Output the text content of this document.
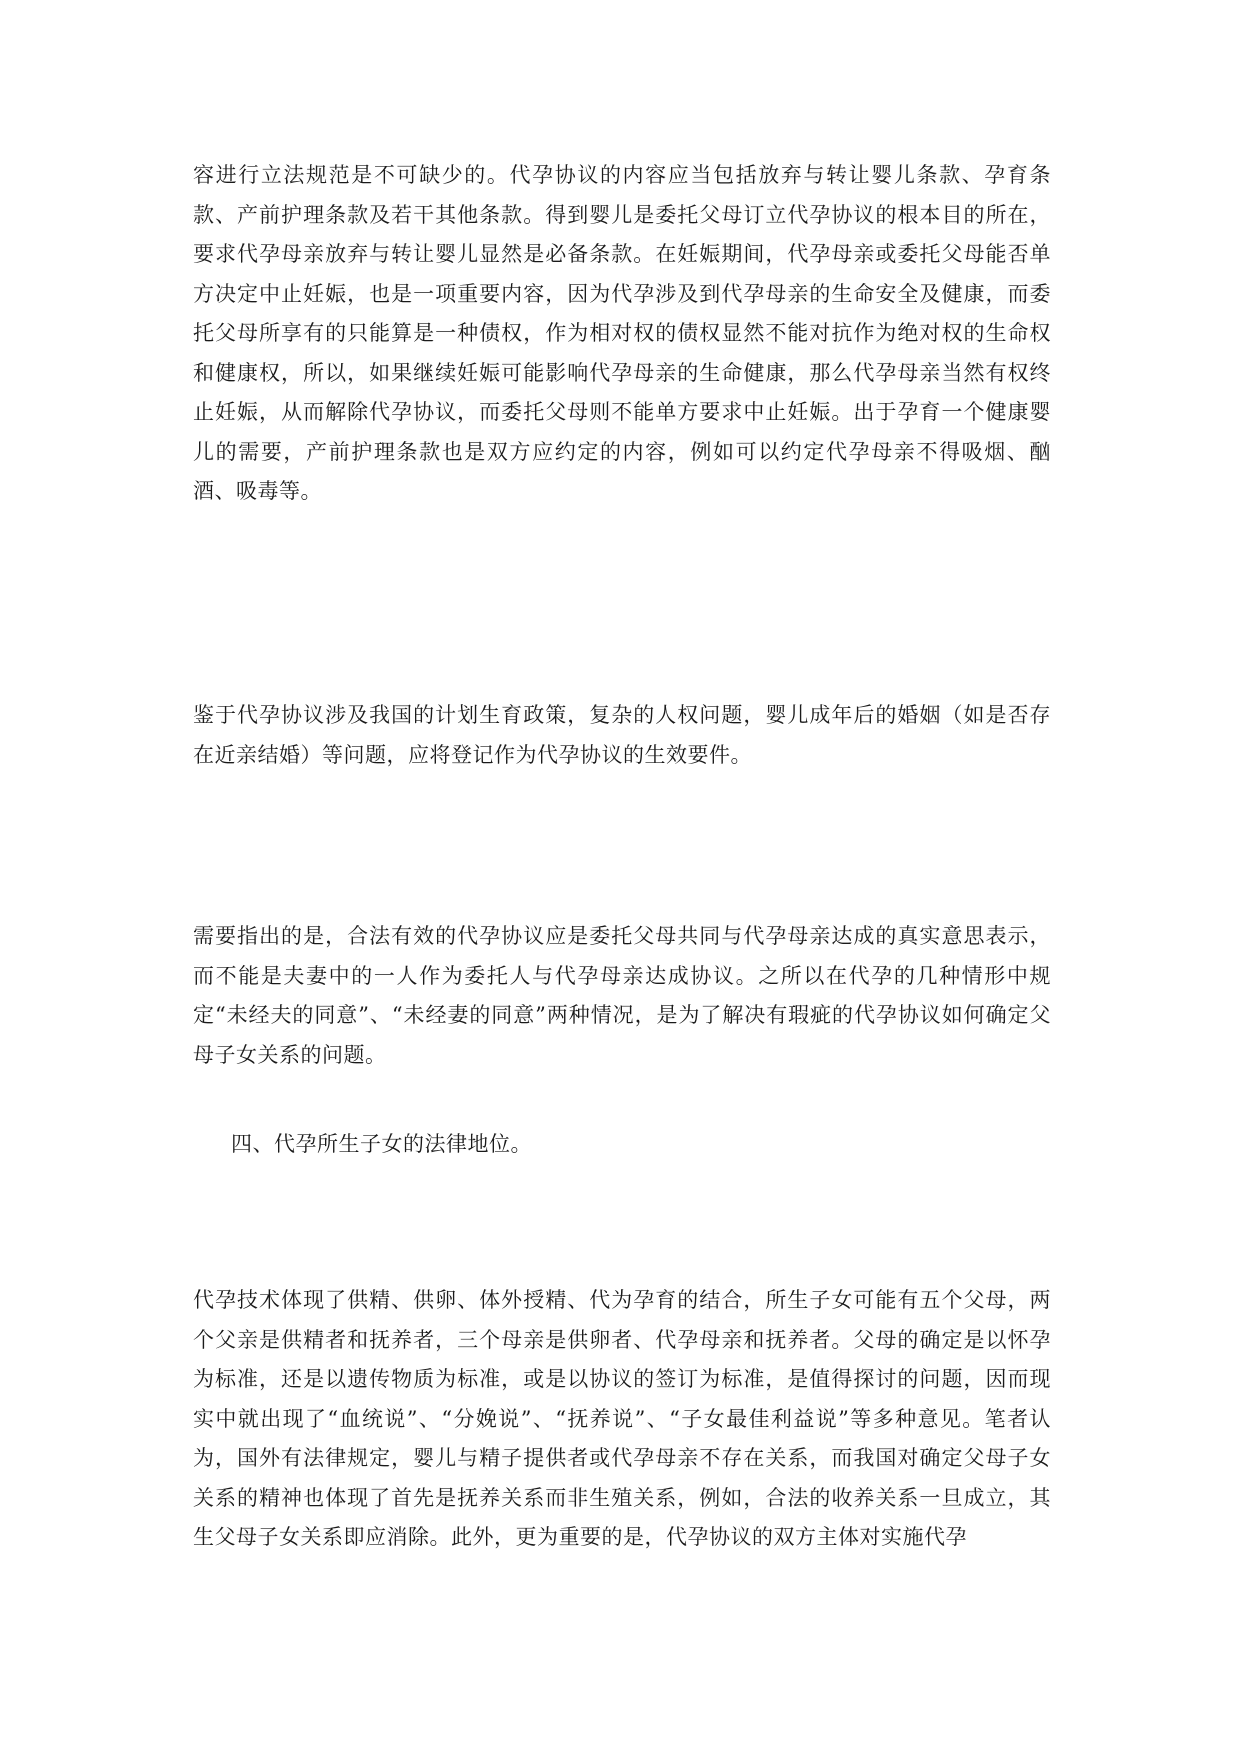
容进行立法规范是不可缺少的。代孕协议的内容应当包括放弃与转让婴儿条款、孕育条款、产前护理条款及若干其他条款。得到婴儿是委托父母订立代孕协议的根本目的所在，要求代孕母亲放弃与转让婴儿显然是必备条款。在妊娠期间，代孕母亲或委托父母能否单方决定中止妊娠，也是一项重要内容，因为代孕涉及到代孕母亲的生命安全及健康，而委托父母所享有的只能算是一种债权，作为相对权的债权显然不能对抗作为绝对权的生命权和健康权，所以，如果继续妊娠可能影响代孕母亲的生命健康，那么代孕母亲当然有权终止妊娠，从而解除代孕协议，而委托父母则不能单方要求中止妊娠。出于孕育一个健康婴儿的需要，产前护理条款也是双方应约定的内容，例如可以约定代孕母亲不得吸烟、酗酒、吸毒等。

鉴于代孕协议涉及我国的计划生育政策，复杂的人权问题，婴儿成年后的婚姻（如是否存在近亲结婚）等问题，应将登记作为代孕协议的生效要件。

需要指出的是，合法有效的代孕协议应是委托父母共同与代孕母亲达成的真实意思表示，而不能是夫妻中的一人作为委托人与代孕母亲达成协议。之所以在代孕的几种情形中规定“未经夫的同意”、“未经妻的同意”两种情况，是为了解决有瑕疵的代孕协议如何确定父母子女关系的问题。

四、代孕所生子女的法律地位。

代孕技术体现了供精、供卵、体外授精、代为孕育的结合，所生子女可能有五个父母，两个父亲是供精者和抚养者，三个母亲是供卵者、代孕母亲和抚养者。父母的确定是以怀孕为标准，还是以遗传物质为标准，或是以协议的签订为标准，是值得探讨的问题，因而现实中就出现了“血统说”、“分娩说”、“抚养说”、“子女最佳利益说”等多种意见。笔者认为，国外有法律规定，婴儿与精子提供者或代孕母亲不存在关系，而我国对确定父母子女关系的精神也体现了首先是抚养关系而非生殖关系，例如，合法的收养关系一旦成立，其生父母子女关系即应消除。此外，更为重要的是，代孕协议的双方主体对实施代孕
